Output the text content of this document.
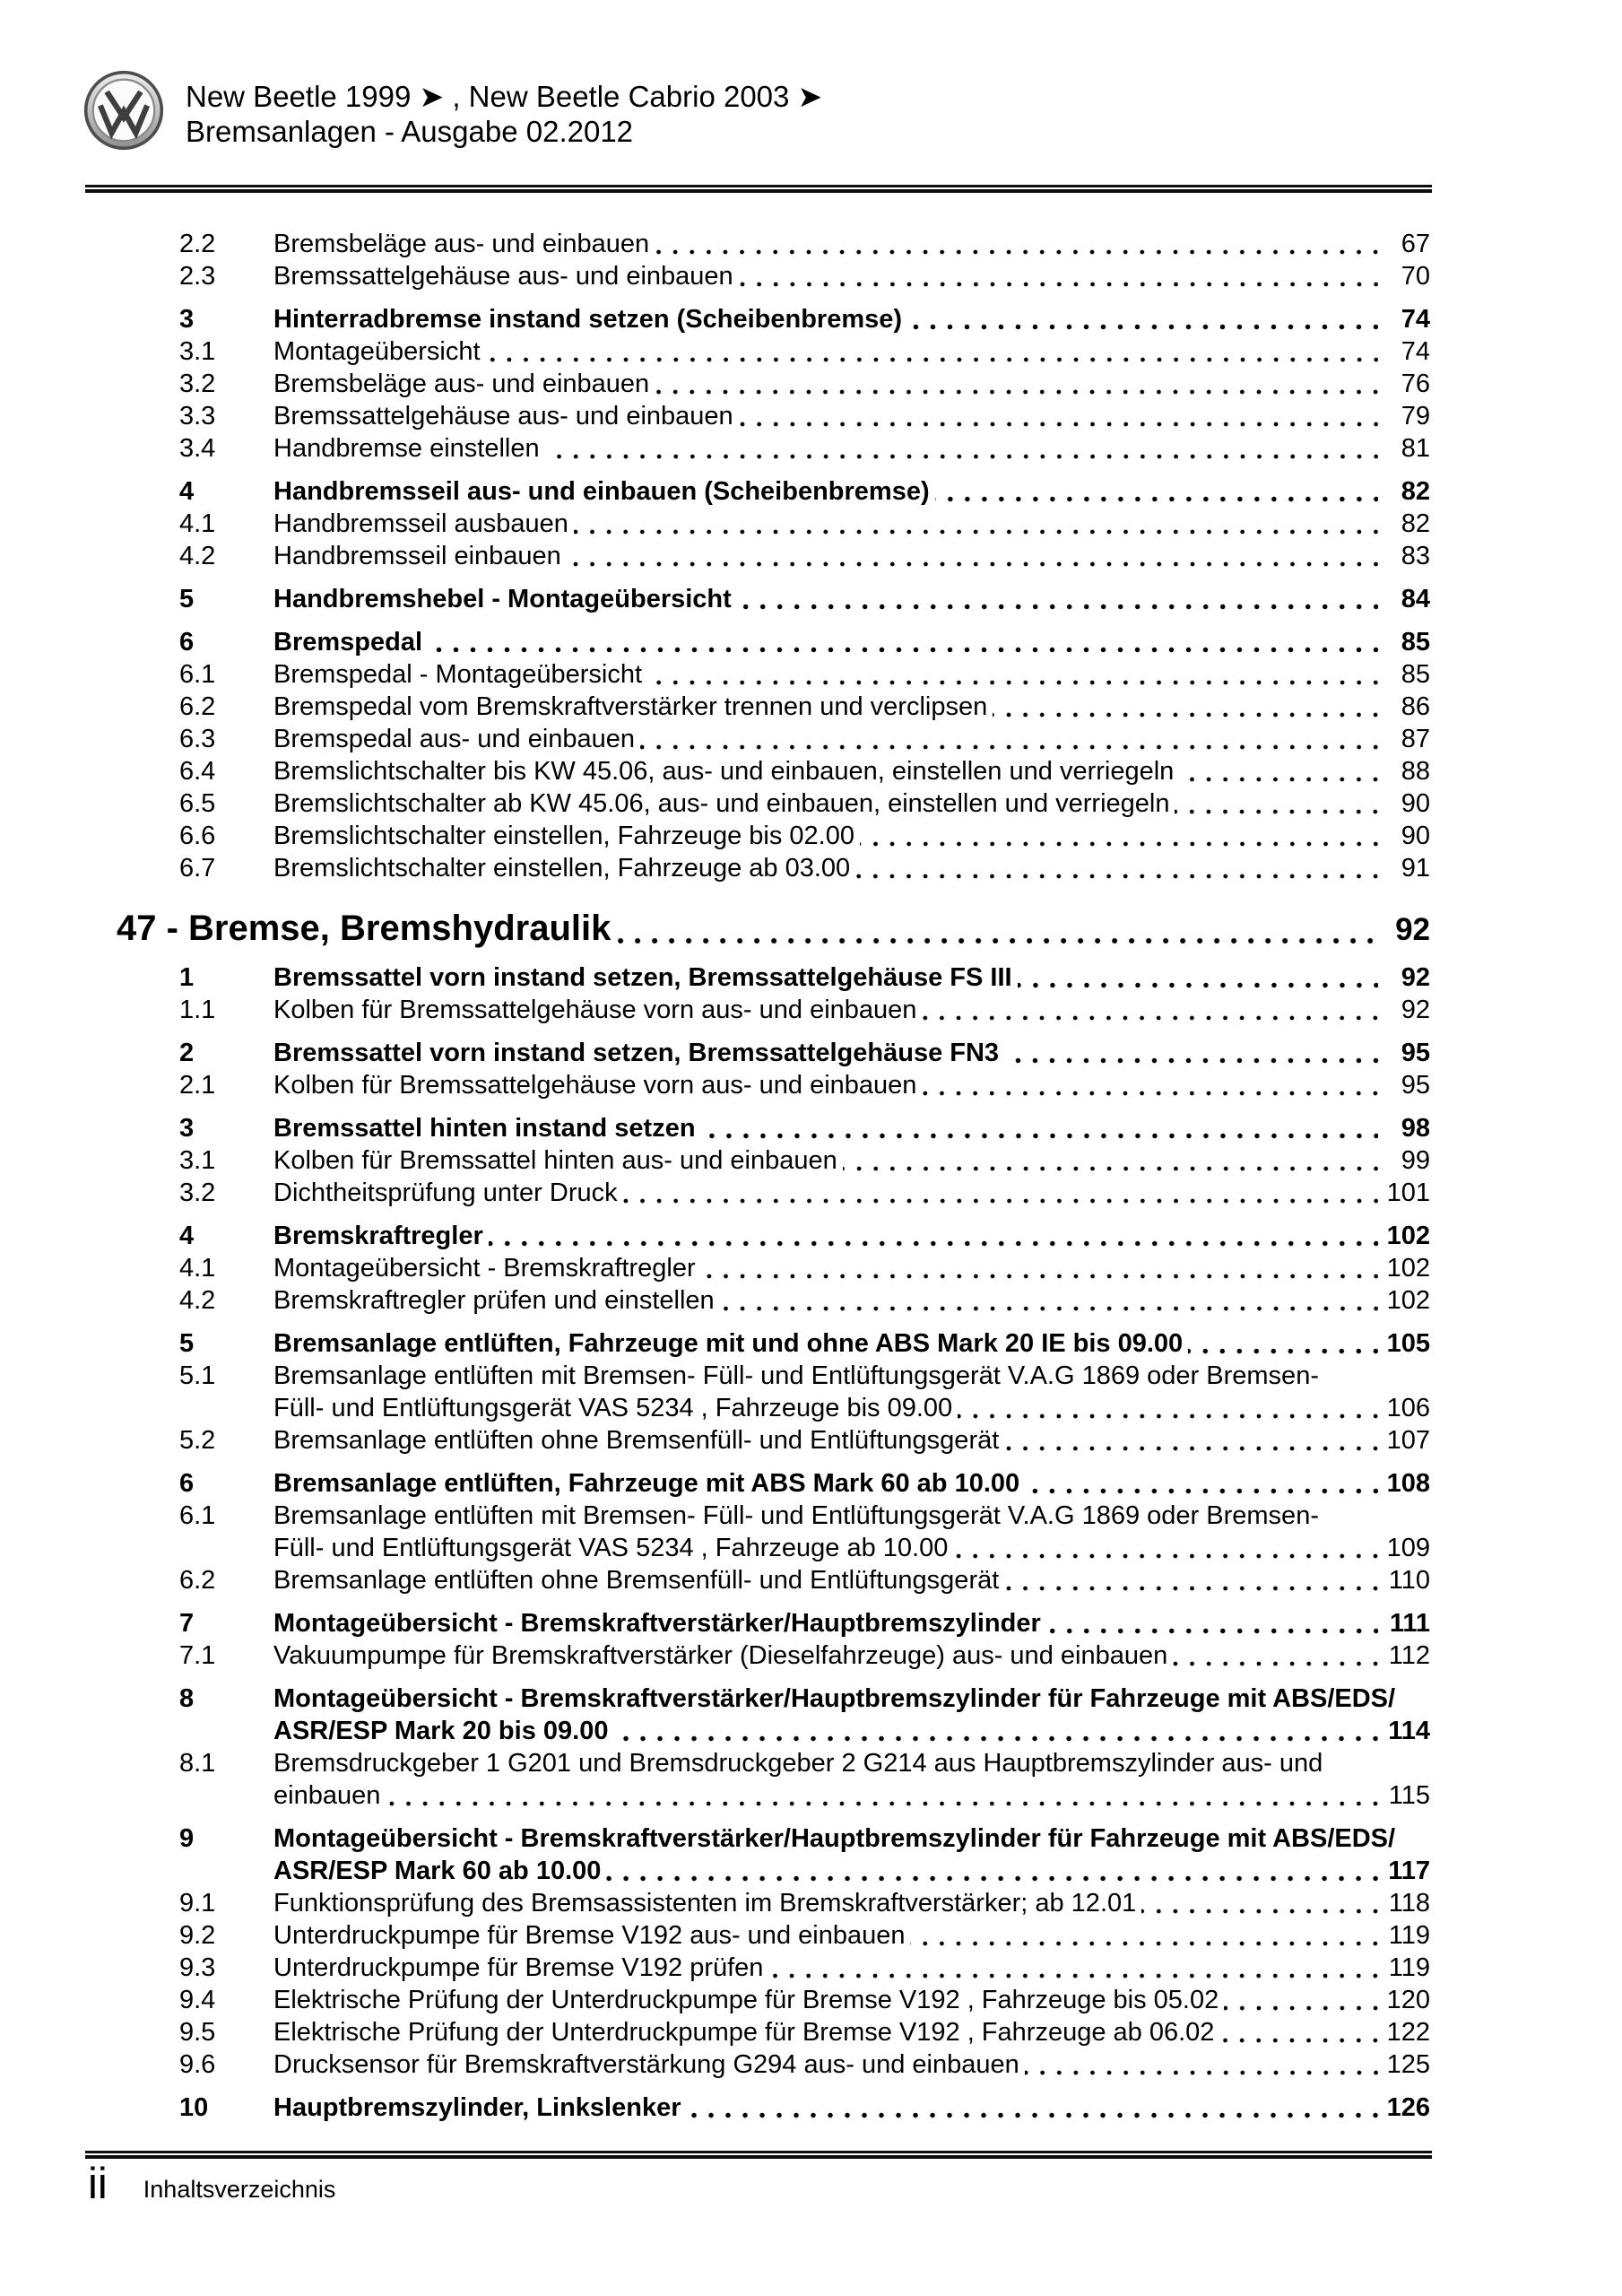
New Beetle 1999 ➤ , New Beetle Cabrio 2003 ➤
Bremsanlagen - Ausgabe 02.2012
2.2	Bremsbeläge aus- und einbauen	67
2.3	Bremssattelgehäuse aus- und einbauen	70
3	Hinterradbremse instand setzen (Scheibenbremse)	74
3.1	Montageübersicht	74
3.2	Bremsbeläge aus- und einbauen	76
3.3	Bremssattelgehäuse aus- und einbauen	79
3.4	Handbremse einstellen	81
4	Handbremsseil aus- und einbauen (Scheibenbremse)	82
4.1	Handbremsseil ausbauen	82
4.2	Handbremsseil einbauen	83
5	Handbremshebel - Montageübersicht	84
6	Bremspedal	85
6.1	Bremspedal - Montageübersicht	85
6.2	Bremspedal vom Bremskraftverstärker trennen und verclipsen	86
6.3	Bremspedal aus- und einbauen	87
6.4	Bremslichtschalter bis KW 45.06, aus- und einbauen, einstellen und verriegeln	88
6.5	Bremslichtschalter ab KW 45.06, aus- und einbauen, einstellen und verriegeln	90
6.6	Bremslichtschalter einstellen, Fahrzeuge bis 02.00	90
6.7	Bremslichtschalter einstellen, Fahrzeuge ab 03.00	91
47 - Bremse, Bremshydraulik	92
1	Bremssattel vorn instand setzen, Bremssattelgehäuse FS III	92
1.1	Kolben für Bremssattelgehäuse vorn aus- und einbauen	92
2	Bremssattel vorn instand setzen, Bremssattelgehäuse FN3	95
2.1	Kolben für Bremssattelgehäuse vorn aus- und einbauen	95
3	Bremssattel hinten instand setzen	98
3.1	Kolben für Bremssattel hinten aus- und einbauen	99
3.2	Dichtheitsprüfung unter Druck	101
4	Bremskraftregler	102
4.1	Montageübersicht - Bremskraftregler	102
4.2	Bremskraftregler prüfen und einstellen	102
5	Bremsanlage entlüften, Fahrzeuge mit und ohne ABS Mark 20 IE bis 09.00	105
5.1	Bremsanlage entlüften mit Bremsen- Füll- und Entlüftungsgerät V.A.G 1869 oder Bremsen-
Füll- und Entlüftungsgerät VAS 5234 , Fahrzeuge bis 09.00	106
5.2	Bremsanlage entlüften ohne Bremsenfüll- und Entlüftungsgerät	107
6	Bremsanlage entlüften, Fahrzeuge mit ABS Mark 60 ab 10.00	108
6.1	Bremsanlage entlüften mit Bremsen- Füll- und Entlüftungsgerät V.A.G 1869 oder Bremsen-
Füll- und Entlüftungsgerät VAS 5234 , Fahrzeuge ab 10.00	109
6.2	Bremsanlage entlüften ohne Bremsenfüll- und Entlüftungsgerät	110
7	Montageübersicht - Bremskraftverstärker/Hauptbremszylinder	111
7.1	Vakuumpumpe für Bremskraftverstärker (Dieselfahrzeuge) aus- und einbauen	112
8	Montageübersicht - Bremskraftverstärker/Hauptbremszylinder für Fahrzeuge mit ABS/EDS/
ASR/ESP Mark 20 bis 09.00	114
8.1	Bremsdruckgeber 1 G201 und Bremsdruckgeber 2 G214 aus Hauptbremszylinder aus- und
einbauen	115
9	Montageübersicht - Bremskraftverstärker/Hauptbremszylinder für Fahrzeuge mit ABS/EDS/
ASR/ESP Mark 60 ab 10.00	117
9.1	Funktionsprüfung des Bremsassistenten im Bremskraftverstärker; ab 12.01	118
9.2	Unterdruckpumpe für Bremse V192 aus- und einbauen	119
9.3	Unterdruckpumpe für Bremse V192 prüfen	119
9.4	Elektrische Prüfung der Unterdruckpumpe für Bremse V192 , Fahrzeuge bis 05.02	120
9.5	Elektrische Prüfung der Unterdruckpumpe für Bremse V192 , Fahrzeuge ab 06.02	122
9.6	Drucksensor für Bremskraftverstärkung G294 aus- und einbauen	125
10	Hauptbremszylinder, Linkslenker	126
ii Inhaltsverzeichnis
